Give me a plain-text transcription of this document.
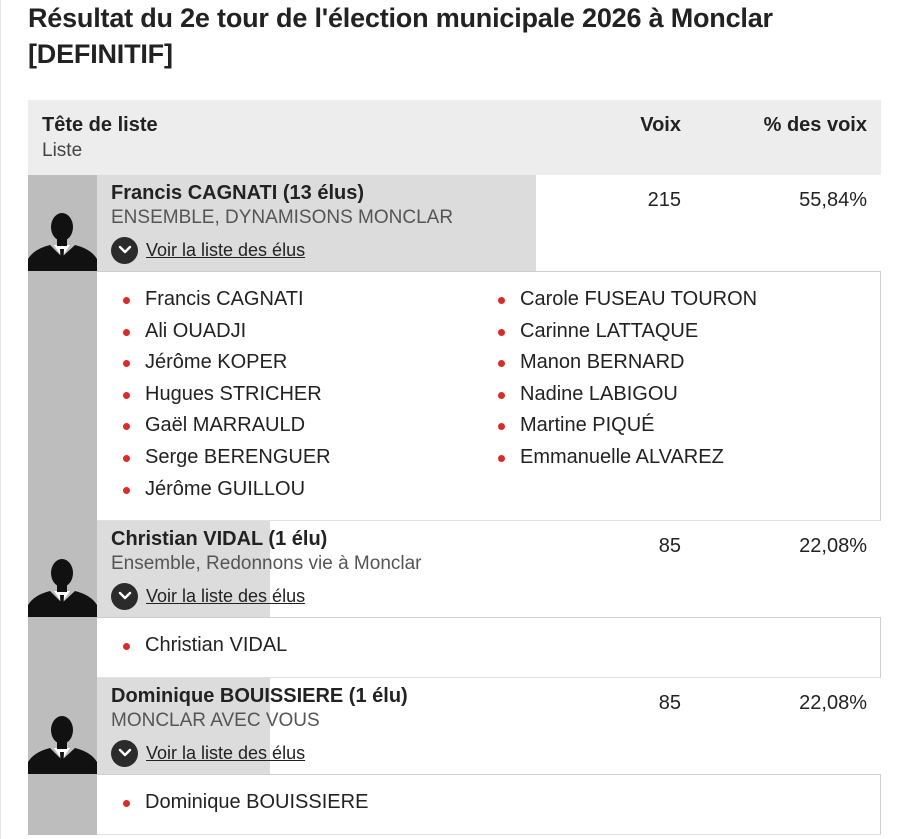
Résultat du 2e tour de l'élection municipale 2026 à Monclar [DEFINITIF]
Tête de liste
Liste
Voix	% des voix
Francis CAGNATI (13 élus)
ENSEMBLE, DYNAMISONS MONCLAR
Voir la liste des élus
215	55,84%
Francis CAGNATI
Ali OUADJI
Jérôme KOPER
Hugues STRICHER
Gaël MARRAULD
Serge BERENGUER
Jérôme GUILLOU
Carole FUSEAU TOURON
Carinne LATTAQUE
Manon BERNARD
Nadine LABIGOU
Martine PIQUÉ
Emmanuelle ALVAREZ
Christian VIDAL (1 élu)
Ensemble, Redonnons vie à Monclar
Voir la liste des élus
85	22,08%
Christian VIDAL
Dominique BOUISSIERE (1 élu)
MONCLAR AVEC VOUS
Voir la liste des élus
85	22,08%
Dominique BOUISSIERE
